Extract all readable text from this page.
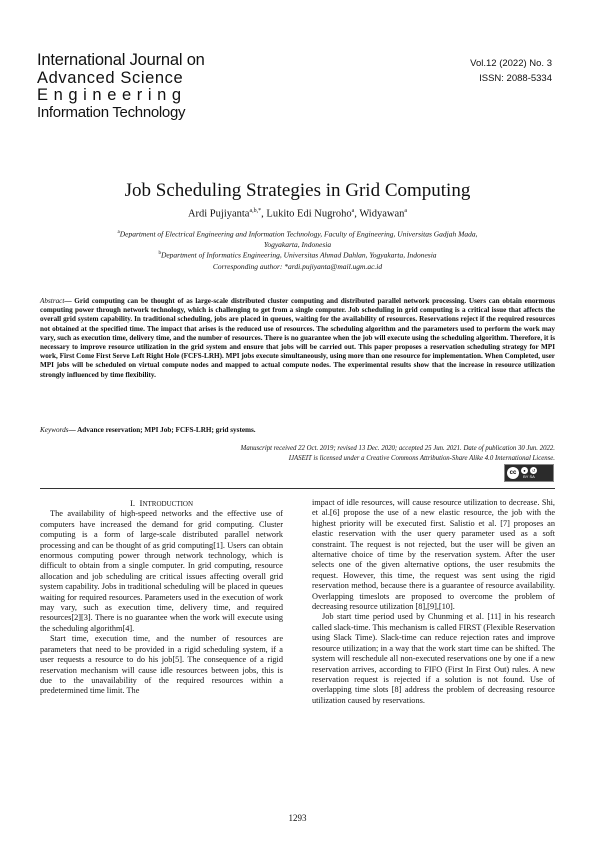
International Journal on
Advanced Science
Engineering
Information Technology
Vol.12 (2022) No. 3
ISSN: 2088-5334
Job Scheduling Strategies in Grid Computing
Ardi Pujiyanta$^{a,b,*}$, Lukito Edi Nugroho$^a$, Widyawan$^a$
$^a$Department of Electrical Engineering and Information Technology, Faculty of Engineering, Universitas Gadjah Mada, Yogyakarta, Indonesia
$^b$Department of Informatics Engineering, Universitas Ahmad Dahlan, Yogyakarta, Indonesia
Corresponding author: *ardi.pujiyanta@mail.ugm.ac.id
Abstract— Grid computing can be thought of as large-scale distributed cluster computing and distributed parallel network processing. Users can obtain enormous computing power through network technology, which is challenging to get from a single computer. Job scheduling in grid computing is a critical issue that affects the overall grid system capability. In traditional scheduling, jobs are placed in queues, waiting for the availability of resources. Reservations reject if the required resources not obtained at the specified time. The impact that arises is the reduced use of resources. The scheduling algorithm and the parameters used to perform the work may vary, such as execution time, delivery time, and the number of resources. There is no guarantee when the job will execute using the scheduling algorithm. Therefore, it is necessary to improve resource utilization in the grid system and ensure that jobs will be carried out. This paper proposes a reservation scheduling strategy for MPI work, First Come First Serve Left Right Hole (FCFS-LRH). MPI jobs execute simultaneously, using more than one resource for implementation. When Completed, user MPI jobs will be scheduled on virtual compute nodes and mapped to actual compute nodes. The experimental results show that the increase in resource utilization strongly influenced by time flexibility.
Keywords— Advance reservation; MPI Job; FCFS-LRH; grid systems.
Manuscript received 22 Oct. 2019; revised 13 Dec. 2020; accepted 25 Jun. 2021. Date of publication 30 Jun. 2022.
IJASEIT is licensed under a Creative Commons Attribution-Share Alike 4.0 International License.
cc	●	↺
BY SA

I. INTRODUCTION

The availability of high-speed networks and the effective use of computers have increased the demand for grid computing. Cluster computing is a form of large-scale distributed parallel network processing and can be thought of as grid computing[1]. Users can obtain enormous computing power through network technology, which is difficult to obtain from a single computer. In grid computing, resource allocation and job scheduling are critical issues affecting overall grid system capability. Jobs in traditional scheduling will be placed in queues waiting for required resources. Parameters used in the execution of work may vary, such as execution time, delivery time, and required resources[2][3]. There is no guarantee when the work will execute using the scheduling algorithm[4].

Start time, execution time, and the number of resources are parameters that need to be provided in a rigid scheduling system, if a user requests a resource to do his job[5]. The consequence of a rigid reservation mechanism will cause idle resources between jobs, this is due to the unavailability of the required resources within a predetermined time limit. The

impact of idle resources, will cause resource utilization to decrease. Shi, et al.[6] propose the use of a new elastic resource, the job with the highest priority will be executed first. Salistio et al. [7] proposes an elastic reservation with the user query parameter used as a soft constraint. The request is not rejected, but the user will be given an alternative choice of time by the reservation system. After the user selects one of the given alternative options, the user resubmits the request. However, this time, the request was sent using the rigid reservation method, because there is a guarantee of resource availability. Overlapping timeslots are proposed to overcome the problem of decreasing resource utilization [8],[9],[10].

Job start time period used by Chunming et al. [11] in his research called slack-time. This mechanism is called FIRST (Flexible Reservation using Slack Time). Slack-time can reduce rejection rates and improve resource utilization; in a way that the work start time can be shifted. The system will reschedule all non-executed reservations one by one if a new reservation arrives, according to FIFO (First In First Out) rules. A new reservation request is rejected if a solution is not found. Use of overlapping time slots [8] address the problem of decreasing resource utilization caused by reservations.

1293
